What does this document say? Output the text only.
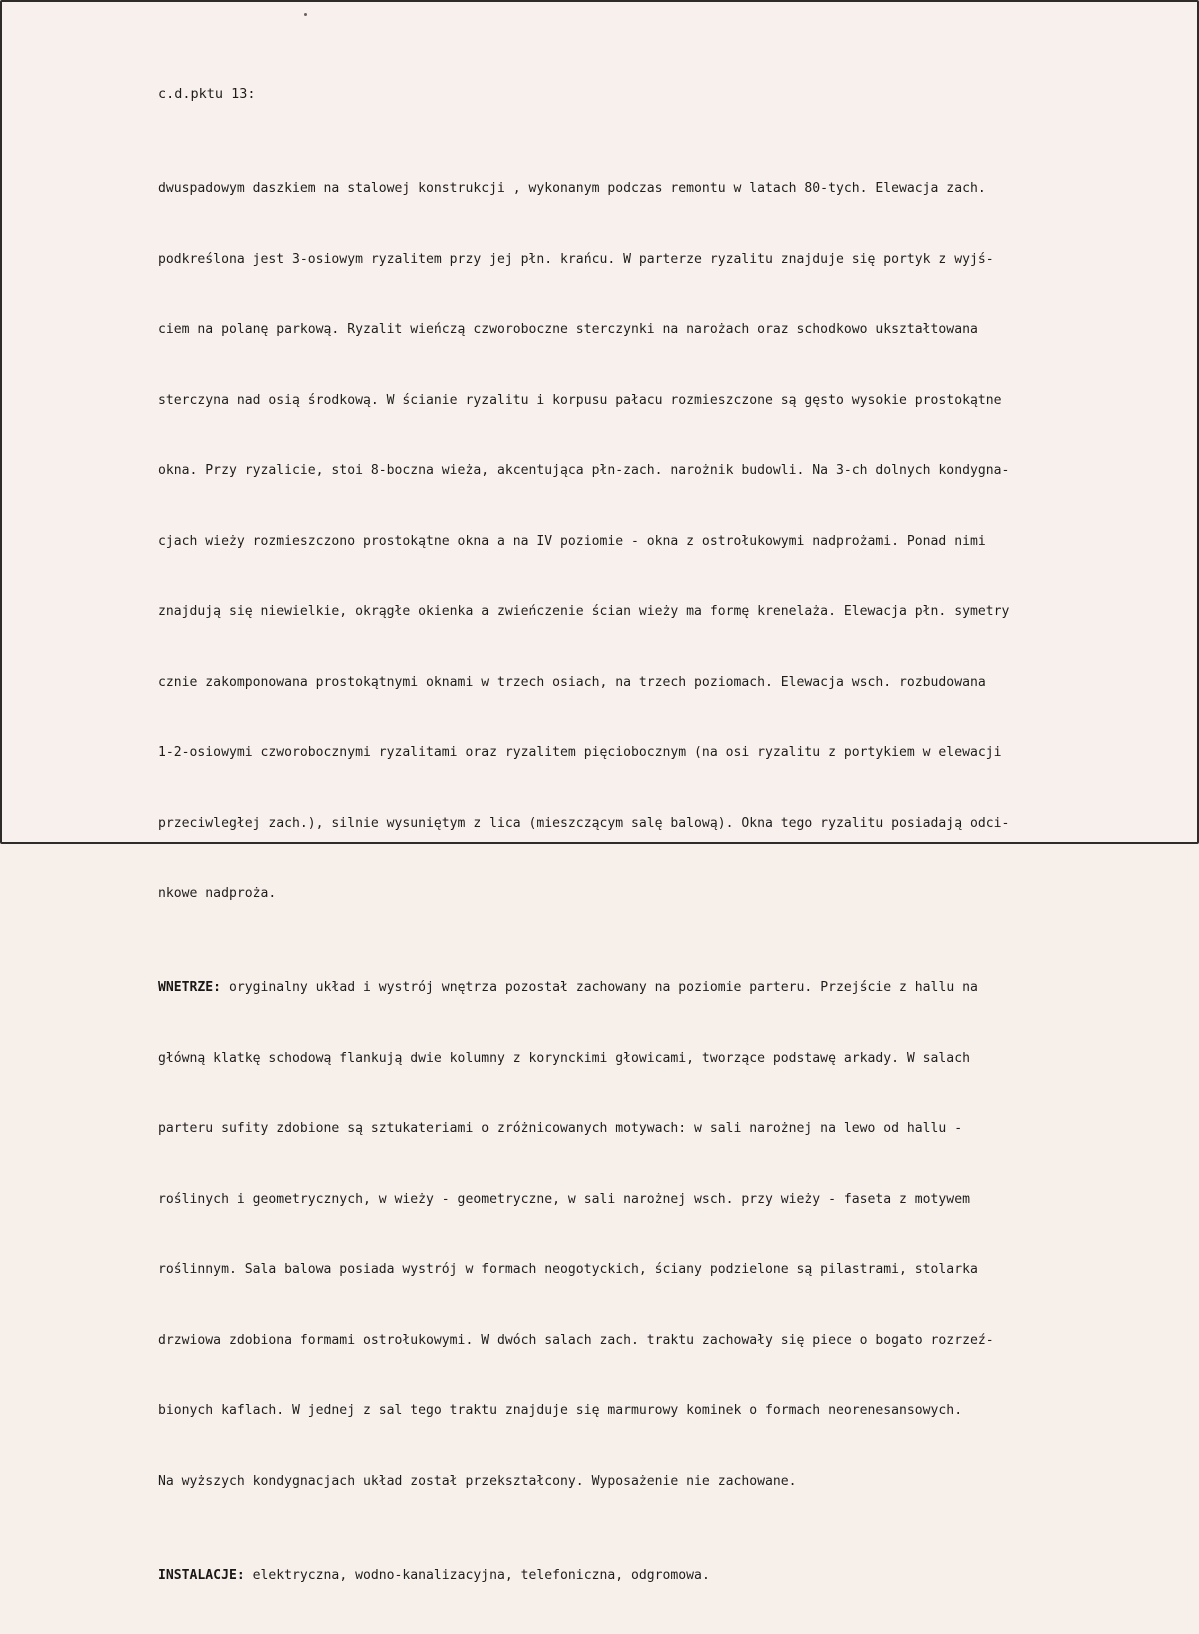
c.d.pktu 13:

dwuspadowym daszkiem na stalowej konstrukcji , wykonanym podczas remontu w latach 80-tych. Elewacja zach.

podkreślona jest 3-osiowym ryzalitem przy jej płn. krańcu. W parterze ryzalitu znajduje się portyk z wyjś-

ciem na polanę parkową. Ryzalit wieńczą czworoboczne sterczynki na narożach oraz schodkowo ukształtowana

sterczyna nad osią środkową. W ścianie ryzalitu i korpusu pałacu rozmieszczone są gęsto wysokie prostokątne

okna. Przy ryzalicie, stoi 8-boczna wieża, akcentująca płn-zach. narożnik budowli. Na 3-ch dolnych kondygna-

cjach wieży rozmieszczono prostokątne okna a na IV poziomie - okna z ostrołukowymi nadprożami. Ponad nimi

znajdują się niewielkie, okrągłe okienka a zwieńczenie ścian wieży ma formę krenelaża. Elewacja płn. symetry

cznie zakomponowana prostokątnymi oknami w trzech osiach, na trzech poziomach. Elewacja wsch. rozbudowana

1-2-osiowymi czworobocznymi ryzalitami oraz ryzalitem pięciobocznym (na osi ryzalitu z portykiem w elewacji

przeciwległej zach.), silnie wysuniętym z lica (mieszczącym salę balową). Okna tego ryzalitu posiadają odci-

nkowe nadproża.

WNETRZE: oryginalny układ i wystrój wnętrza pozostał zachowany na poziomie parteru. Przejście z hallu na

główną klatkę schodową flankują dwie kolumny z korynckimi głowicami, tworzące podstawę arkady. W salach

parteru sufity zdobione są sztukateriami o zróżnicowanych motywach: w sali narożnej na lewo od hallu -

roślinych i geometrycznych, w wieży - geometryczne, w sali narożnej wsch. przy wieży - faseta z motywem

roślinnym. Sala balowa posiada wystrój w formach neogotyckich, ściany podzielone są pilastrami, stolarka

drzwiowa zdobiona formami ostrołukowymi. W dwóch salach zach. traktu zachowały się piece o bogato rozrzeź-

bionych kaflach. W jednej z sal tego traktu znajduje się marmurowy kominek o formach neorenesansowych.

Na wyższych kondygnacjach układ został przekształcony. Wyposażenie nie zachowane.

INSTALACJE: elektryczna, wodno-kanalizacyjna, telefoniczna, odgromowa.
